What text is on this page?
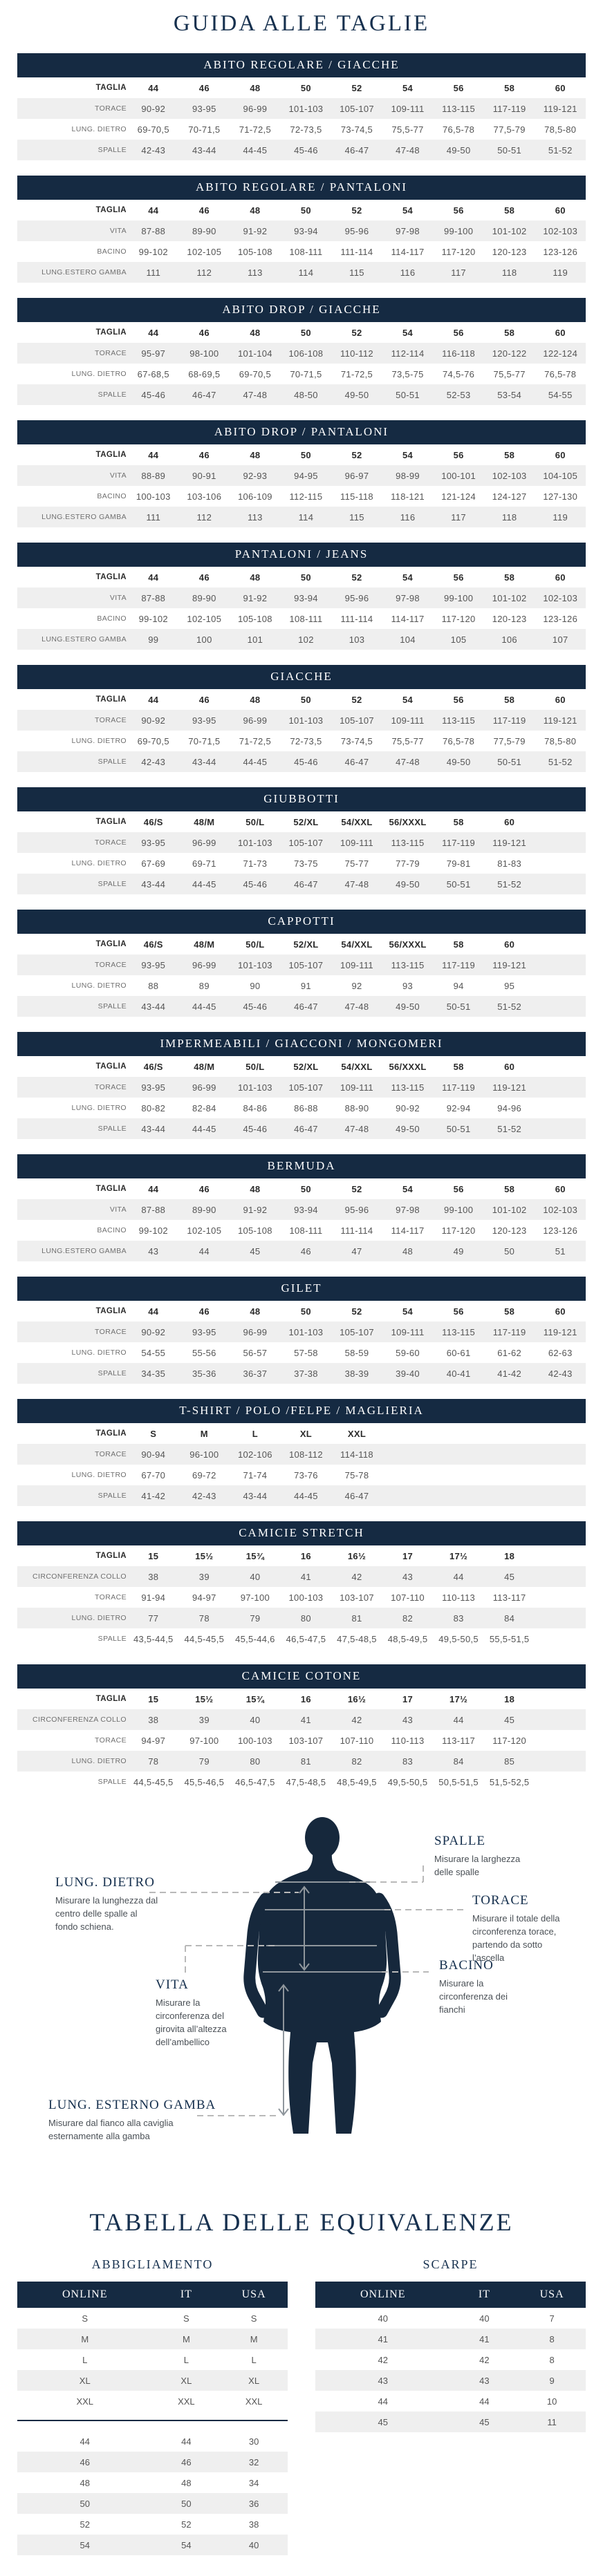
GUIDA ALLE TAGLIE
ABITO REGOLARE / GIACCHE
TAGLIA	44	46	48	50	52	54	56	58	60
TORACE	90-92	93-95	96-99	101-103	105-107	109-111	113-115	117-119	119-121
LUNG. DIETRO	69-70,5	70-71,5	71-72,5	72-73,5	73-74,5	75,5-77	76,5-78	77,5-79	78,5-80
SPALLE	42-43	43-44	44-45	45-46	46-47	47-48	49-50	50-51	51-52
ABITO REGOLARE / PANTALONI
TAGLIA	44	46	48	50	52	54	56	58	60
VITA	87-88	89-90	91-92	93-94	95-96	97-98	99-100	101-102	102-103
BACINO	99-102	102-105	105-108	108-111	111-114	114-117	117-120	120-123	123-126
LUNG.ESTERO GAMBA	111	112	113	114	115	116	117	118	119
ABITO DROP / GIACCHE
TAGLIA	44	46	48	50	52	54	56	58	60
TORACE	95-97	98-100	101-104	106-108	110-112	112-114	116-118	120-122	122-124
LUNG. DIETRO	67-68,5	68-69,5	69-70,5	70-71,5	71-72,5	73,5-75	74,5-76	75,5-77	76,5-78
SPALLE	45-46	46-47	47-48	48-50	49-50	50-51	52-53	53-54	54-55
ABITO DROP / PANTALONI
TAGLIA	44	46	48	50	52	54	56	58	60
VITA	88-89	90-91	92-93	94-95	96-97	98-99	100-101	102-103	104-105
BACINO	100-103	103-106	106-109	112-115	115-118	118-121	121-124	124-127	127-130
LUNG.ESTERO GAMBA	111	112	113	114	115	116	117	118	119
PANTALONI / JEANS
TAGLIA	44	46	48	50	52	54	56	58	60
VITA	87-88	89-90	91-92	93-94	95-96	97-98	99-100	101-102	102-103
BACINO	99-102	102-105	105-108	108-111	111-114	114-117	117-120	120-123	123-126
LUNG.ESTERO GAMBA	99	100	101	102	103	104	105	106	107
GIACCHE
TAGLIA	44	46	48	50	52	54	56	58	60
TORACE	90-92	93-95	96-99	101-103	105-107	109-111	113-115	117-119	119-121
LUNG. DIETRO	69-70,5	70-71,5	71-72,5	72-73,5	73-74,5	75,5-77	76,5-78	77,5-79	78,5-80
SPALLE	42-43	43-44	44-45	45-46	46-47	47-48	49-50	50-51	51-52
GIUBBOTTI
TAGLIA	46/S	48/M	50/L	52/XL	54/XXL	56/XXXL	58	60
TORACE	93-95	96-99	101-103	105-107	109-111	113-115	117-119	119-121
LUNG. DIETRO	67-69	69-71	71-73	73-75	75-77	77-79	79-81	81-83
SPALLE	43-44	44-45	45-46	46-47	47-48	49-50	50-51	51-52
CAPPOTTI
TAGLIA	46/S	48/M	50/L	52/XL	54/XXL	56/XXXL	58	60
TORACE	93-95	96-99	101-103	105-107	109-111	113-115	117-119	119-121
LUNG. DIETRO	88	89	90	91	92	93	94	95
SPALLE	43-44	44-45	45-46	46-47	47-48	49-50	50-51	51-52
IMPERMEABILI / GIACCONI / MONGOMERI
TAGLIA	46/S	48/M	50/L	52/XL	54/XXL	56/XXXL	58	60
TORACE	93-95	96-99	101-103	105-107	109-111	113-115	117-119	119-121
LUNG. DIETRO	80-82	82-84	84-86	86-88	88-90	90-92	92-94	94-96
SPALLE	43-44	44-45	45-46	46-47	47-48	49-50	50-51	51-52
BERMUDA
TAGLIA	44	46	48	50	52	54	56	58	60
VITA	87-88	89-90	91-92	93-94	95-96	97-98	99-100	101-102	102-103
BACINO	99-102	102-105	105-108	108-111	111-114	114-117	117-120	120-123	123-126
LUNG.ESTERO GAMBA	43	44	45	46	47	48	49	50	51
GILET
TAGLIA	44	46	48	50	52	54	56	58	60
TORACE	90-92	93-95	96-99	101-103	105-107	109-111	113-115	117-119	119-121
LUNG. DIETRO	54-55	55-56	56-57	57-58	58-59	59-60	60-61	61-62	62-63
SPALLE	34-35	35-36	36-37	37-38	38-39	39-40	40-41	41-42	42-43
T-SHIRT / POLO /FELPE / MAGLIERIA
TAGLIA	S	M	L	XL	XXL
TORACE	90-94	96-100	102-106	108-112	114-118
LUNG. DIETRO	67-70	69-72	71-74	73-76	75-78
SPALLE	41-42	42-43	43-44	44-45	46-47
CAMICIE STRETCH
TAGLIA	15	15½	15¾	16	16½	17	17½	18
CIRCONFERENZA COLLO	38	39	40	41	42	43	44	45
TORACE	91-94	94-97	97-100	100-103	103-107	107-110	110-113	113-117
LUNG. DIETRO	77	78	79	80	81	82	83	84
SPALLE 43,5-44,5	44,5-45,5	45,5-44,6	46,5-47,5	47,5-48,5	48,5-49,5	49,5-50,5	55,5-51,5
CAMICIE COTONE
TAGLIA	15	15½	15¾	16	16½	17	17½	18
CIRCONFERENZA COLLO	38	39	40	41	42	43	44	45
TORACE	94-97	97-100	100-103	103-107	107-110	110-113	113-117	117-120
LUNG. DIETRO	78	79	80	81	82	83	84	85
SPALLE 44,5-45,5	45,5-46,5	46,5-47,5	47,5-48,5	48,5-49,5	49,5-50,5	50,5-51,5	51,5-52,5
LUNG. DIETRO
Misurare la lunghezza dal centro delle spalle al fondo schiena.
SPALLE
Misurare la larghezza delle spalle
TORACE
Misurare il totale della circonferenza torace, partendo da sotto l’ascella
VITA
Misurare la circonferenza del girovita all’altezza dell’ambellico
BACINO
Misurare la circonferenza dei fianchi
LUNG. ESTERNO GAMBA
Misurare dal fianco alla caviglia esternamente alla gamba
TABELLA DELLE EQUIVALENZE
ABBIGLIAMENTO
ONLINE	IT	USA
S	S	S
M	M	M
L	L	L
XL	XL	XL
XXL	XXL	XXL
44	44	30
46	46	32
48	48	34
50	50	36
52	52	38
54	54	40
SCARPE
ONLINE	IT	USA
40	40	7
41	41	8
42	42	8
43	43	9
44	44	10
45	45	11
